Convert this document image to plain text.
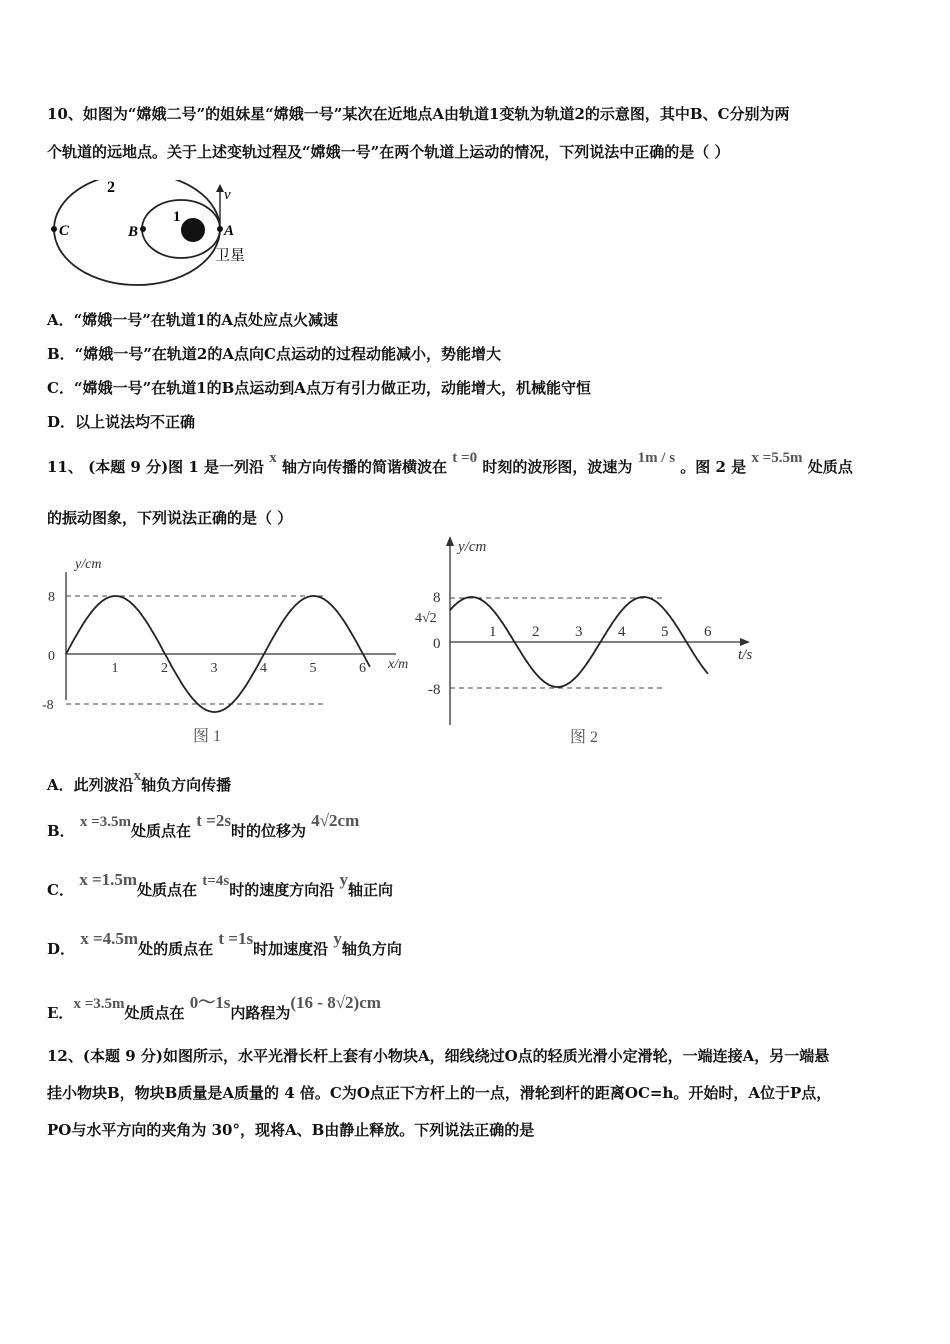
10、如图为“嫦娥二号”的姐妹星“嫦娥一号”某次在近地点A由轨道1变轨为轨道2的示意图，其中B、C分别为两
个轨道的远地点。关于上述变轨过程及“嫦娥一号”在两个轨道上运动的情况，下列说法中正确的是（ ）
2
1
C	B	A
v
卫星
A．“嫦娥一号”在轨道1的A点处应点火减速
B．“嫦娥一号”在轨道2的A点向C点运动的过程动能减小，势能增大
C．“嫦娥一号”在轨道1的B点运动到A点万有引力做正功，动能增大，机械能守恒
D．以上说法均不正确
11、 (本题 9 分)图 1 是一列沿 x 轴方向传播的简谐横波在 t =0 时刻的波形图，波速为 1m / s 。图 2 是 x =5.5m 处质点
的振动图象，下列说法正确的是（ ）
1	2	3	4	5	6
y/cm
8
0
-8
x/m
图 1
1 2 3 4 5 6
y/cm
8
4√2
0
-8
t/s
图 2
A．此列波沿x轴负方向传播
B． x =3.5m处质点在 t =2s时的位移为 4√2cm
C． x =1.5m处质点在 t=4s时的速度方向沿 y轴正向
D． x =4.5m处的质点在 t =1s时加速度沿 y轴负方向
E．x =3.5m处质点在 0～1s内路程为(16 - 8√2)cm
12、(本题 9 分)如图所示，水平光滑长杆上套有小物块A，细线绕过O点的轻质光滑小定滑轮，一端连接A，另一端悬
挂小物块B，物块B质量是A质量的 4 倍。C为O点正下方杆上的一点，滑轮到杆的距离OC=h。开始时，A位于P点，
PO与水平方向的夹角为 30°，现将A、B由静止释放。下列说法正确的是
